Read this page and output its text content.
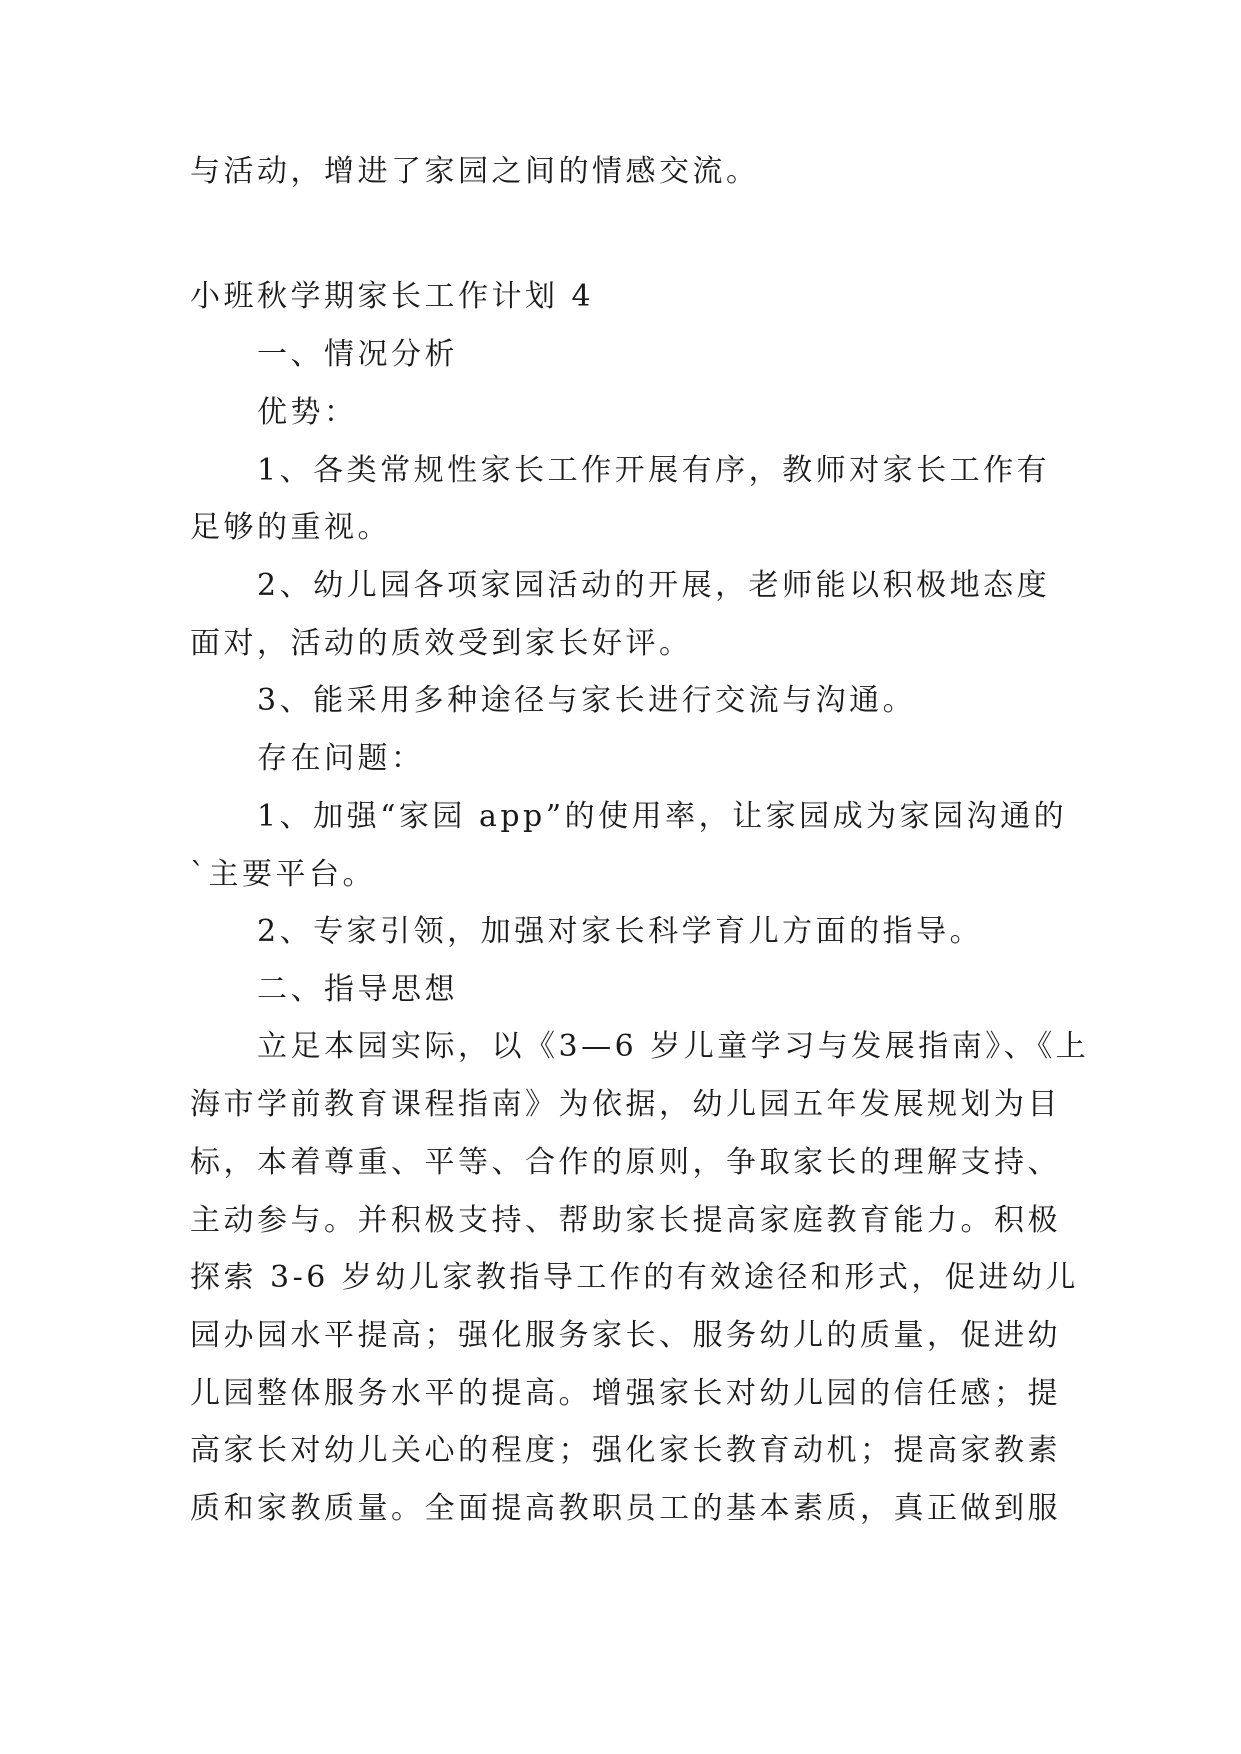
与活动，增进了家园之间的情感交流。
小班秋学期家长工作计划 4
一、情况分析
优势：
1、各类常规性家长工作开展有序，教师对家长工作有
足够的重视。
2、幼儿园各项家园活动的开展，老师能以积极地态度
面对，活动的质效受到家长好评。
3、能采用多种途径与家长进行交流与沟通。
存在问题：
1、加强“家园 app”的使用率，让家园成为家园沟通的
`主要平台。
2、专家引领，加强对家长科学育儿方面的指导。
二、指导思想
立足本园实际，以《3—6 岁儿童学习与发展指南》、《上
海市学前教育课程指南》为依据，幼儿园五年发展规划为目
标，本着尊重、平等、合作的原则，争取家长的理解支持、
主动参与。并积极支持、帮助家长提高家庭教育能力。积极
探索 3-6 岁幼儿家教指导工作的有效途径和形式，促进幼儿
园办园水平提高；强化服务家长、服务幼儿的质量，促进幼
儿园整体服务水平的提高。增强家长对幼儿园的信任感；提
高家长对幼儿关心的程度；强化家长教育动机；提高家教素
质和家教质量。全面提高教职员工的基本素质，真正做到服
